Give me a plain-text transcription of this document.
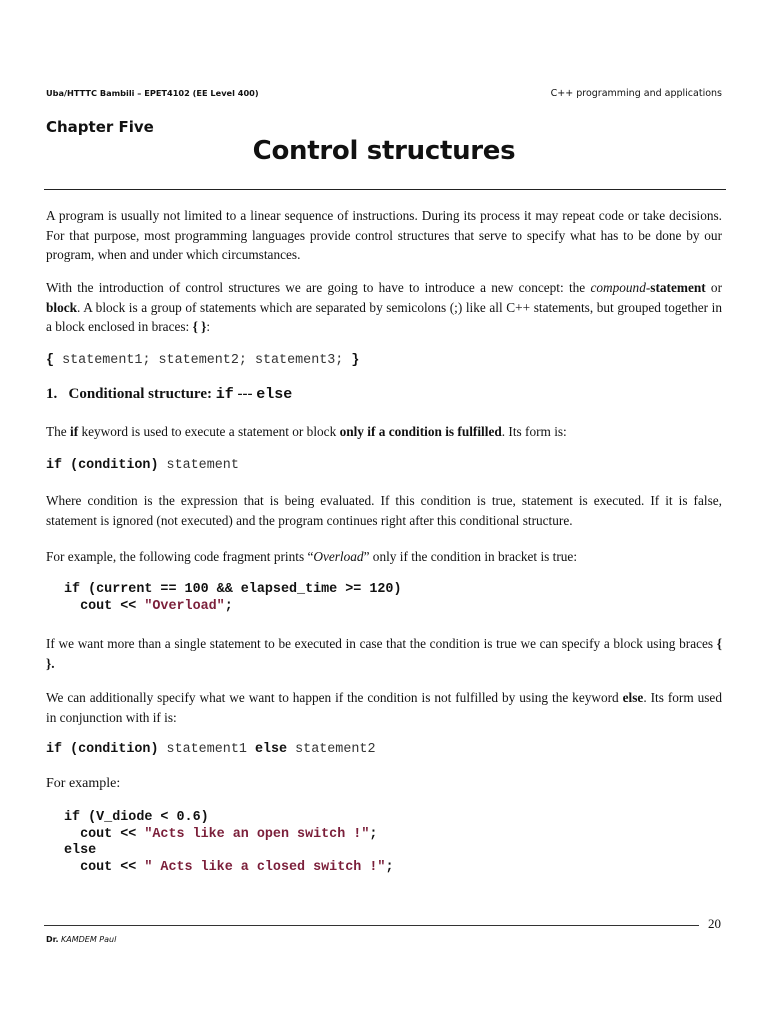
Uba/HTTTC Bambili – EPET4102 (EE Level 400)	C++ programming and applications
Chapter Five
Control structures
A program is usually not limited to a linear sequence of instructions. During its process it may repeat code or take decisions. For that purpose, most programming languages provide control structures that serve to specify what has to be done by our program, when and under which circumstances.
With the introduction of control structures we are going to have to introduce a new concept: the compound-statement or block. A block is a group of statements which are separated by semicolons (;) like all C++ statements, but grouped together in a block enclosed in braces: { }:
{ statement1; statement2; statement3; }
1. Conditional structure: if --- else
The if keyword is used to execute a statement or block only if a condition is fulfilled. Its form is:
if (condition) statement
Where condition is the expression that is being evaluated. If this condition is true, statement is executed. If it is false, statement is ignored (not executed) and the program continues right after this conditional structure.
For example, the following code fragment prints “Overload” only if the condition in bracket is true:
if (current == 100 && elapsed_time >= 120)
cout << "Overload";
If we want more than a single statement to be executed in case that the condition is true we can specify a block using braces { }.
We can additionally specify what we want to happen if the condition is not fulfilled by using the keyword else. Its form used in conjunction with if is:
if (condition) statement1 else statement2
For example:
if (V_diode < 0.6)
cout << "Acts like an open switch !";
else
cout << " Acts like a closed switch !";
20
Dr. KAMDEM Paul
